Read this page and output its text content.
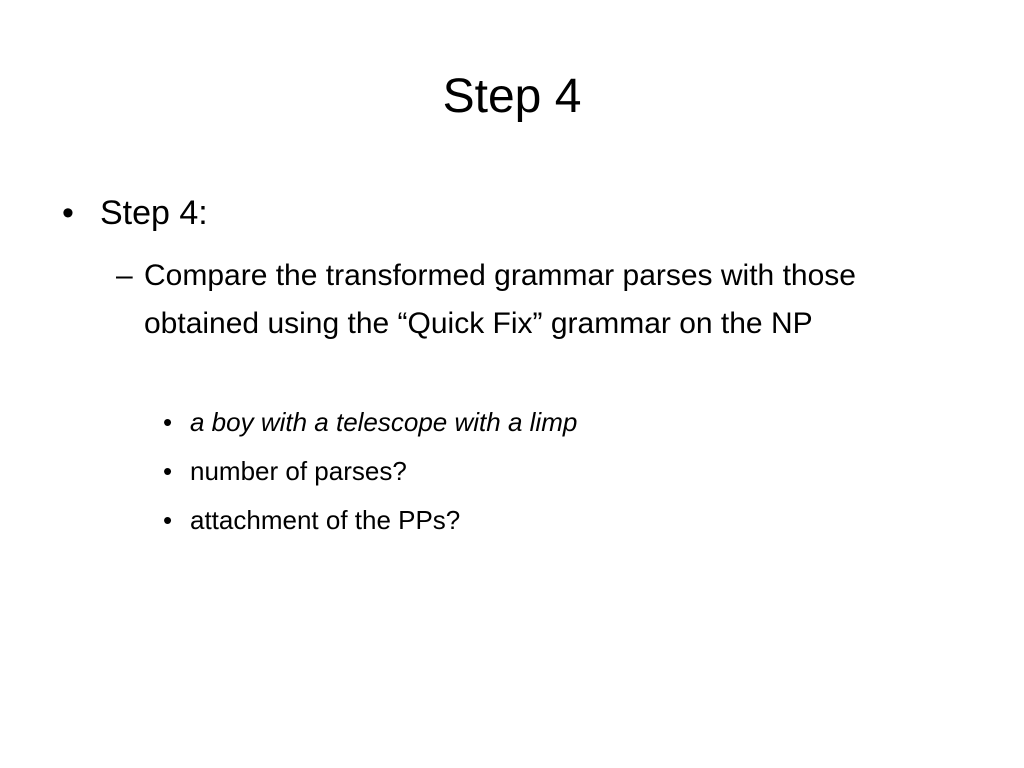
Step 4
• Step 4:
– Compare the transformed grammar parses with those obtained using the “Quick Fix” grammar on the NP
• a boy with a telescope with a limp
• number of parses?
• attachment of the PPs?
